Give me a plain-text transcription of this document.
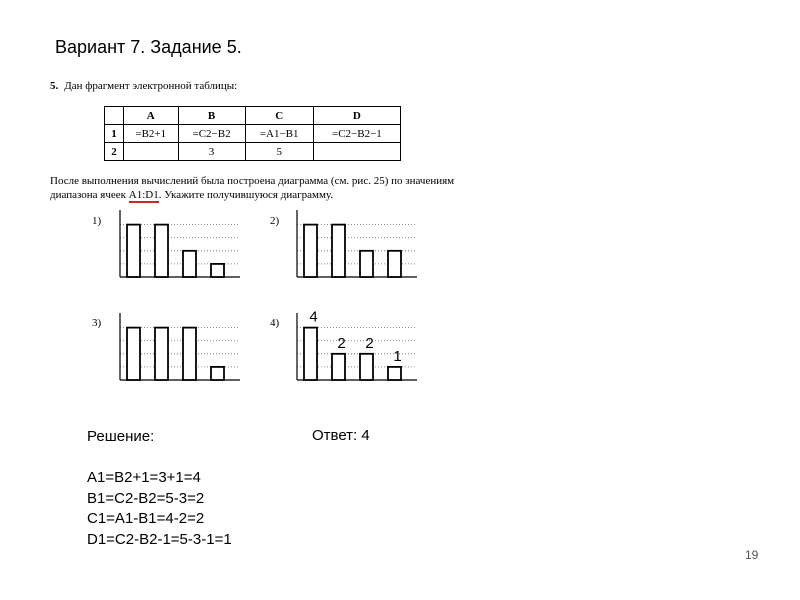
Вариант 7. Задание 5.
5. Дан фрагмент электронной таблицы:
	A	B	C	D
1	=B2+1	=C2−B2	=A1−B1	=C2−B2−1
2		3	5	
После выполнения вычислений была построена диаграмма (см. рис. 25) по значениям диапазона ячеек A1:D1. Укажите получившуюся диаграмму.
1)	2)
3)	4) 4
2 2
1
Решение:

A1=B2+1=3+1=4
B1=C2-B2=5-3=2
C1=A1-B1=4-2=2
D1=C2-B2-1=5-3-1=1
Ответ: 4
19
